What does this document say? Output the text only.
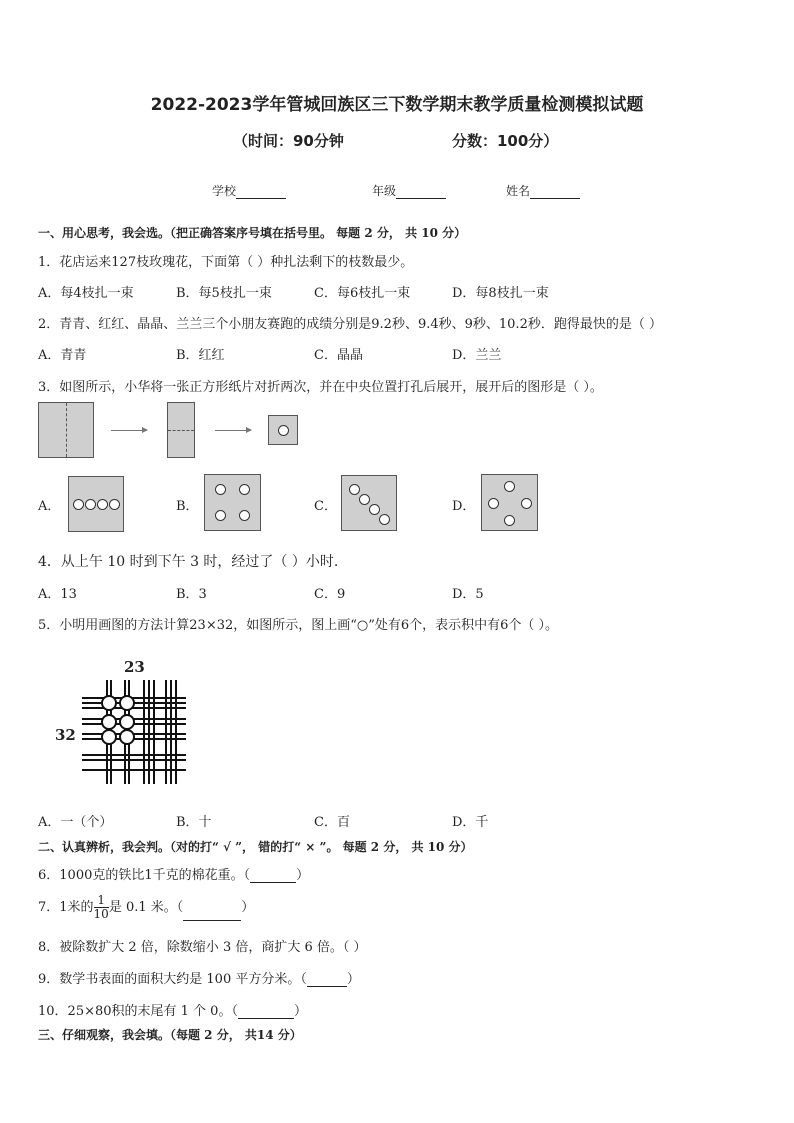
2022-2023学年管城回族区三下数学期末教学质量检测模拟试题
（时间：90分钟	分数：100分）
学校	年级	姓名
一、用心思考，我会选。（把正确答案序号填在括号里。 每题 2 分， 共 10 分）
1．花店运来127枝玫瑰花，下面第（ ）种扎法剩下的枝数最少。
A．每4枝扎一束	B．每5枝扎一束	C．每6枝扎一束	D．每8枝扎一束
2．青青、红红、晶晶、兰兰三个小朋友赛跑的成绩分别是9.2秒、9.4秒、9秒、10.2秒．跑得最快的是（ ）
A．青青	B．红红	C．晶晶	D．兰兰
3．如图所示，小华将一张正方形纸片对折两次，并在中央位置打孔后展开，展开后的图形是（ ）。
A．	B．	C．	D．
4．从上午 10 时到下午 3 时，经过了（ ）小时.
A．13	B．3	C．9	D．5
5．小明用画图的方法计算23×32，如图所示，图上画“○”处有6个，表示积中有6个（ ）。
23
32
A．一（个）	B．十	C．百	D．千
二、认真辨析，我会判。（对的打“ √ ”， 错的打“ × ”。 每题 2 分， 共 10 分）
6．1000克的铁比1千克的棉花重。（	）
7．1米的 $\frac{1}{10}$ 是 0.1 米。（	）
8．被除数扩大 2 倍，除数缩小 3 倍，商扩大 6 倍。（ ）
9．数学书表面的面积大约是 100 平方分米。（	）
10．25×80积的末尾有 1 个 0。（	）
三、仔细观察，我会填。（每题 2 分， 共14 分）
